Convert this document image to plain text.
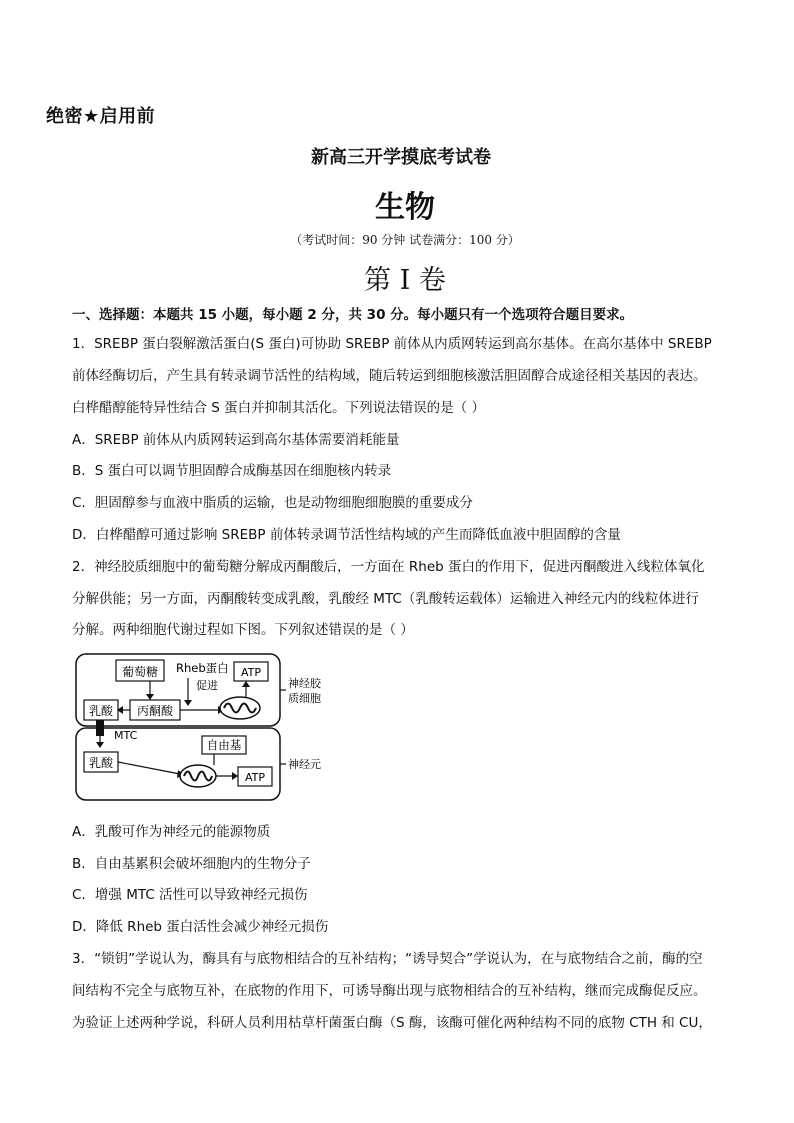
绝密★启用前
新高三开学摸底考试卷
生物
（考试时间：90 分钟 试卷满分：100 分）
第 I 卷
一、选择题：本题共 15 小题，每小题 2 分，共 30 分。每小题只有一个选项符合题目要求。
1．SREBP 蛋白裂解激活蛋白(S 蛋白)可协助 SREBP 前体从内质网转运到高尔基体。在高尔基体中 SREBP
前体经酶切后，产生具有转录调节活性的结构域，随后转运到细胞核激活胆固醇合成途径相关基因的表达。
白桦醋醇能特异性结合 S 蛋白并抑制其活化。下列说法错误的是（ ）
A．SREBP 前体从内质网转运到高尔基体需要消耗能量
B．S 蛋白可以调节胆固醇合成酶基因在细胞核内转录
C．胆固醇参与血液中脂质的运输，也是动物细胞细胞膜的重要成分
D．白桦醋醇可通过影响 SREBP 前体转录调节活性结构域的产生而降低血液中胆固醇的含量
2．神经胶质细胞中的葡萄糖分解成丙酮酸后，一方面在 Rheb 蛋白的作用下，促进丙酮酸进入线粒体氧化
分解供能；另一方面，丙酮酸转变成乳酸，乳酸经 MTC（乳酸转运载体）运输进入神经元内的线粒体进行
分解。两种细胞代谢过程如下图。下列叙述错误的是（ ）
葡萄糖
丙酮酸
乳酸
Rheb蛋白
促进
ATP
神经胶
质细胞
MTC
乳酸
自由基
ATP
神经元
A．乳酸可作为神经元的能源物质
B．自由基累积会破坏细胞内的生物分子
C．增强 MTC 活性可以导致神经元损伤
D．降低 Rheb 蛋白活性会减少神经元损伤
3．“锁钥”学说认为，酶具有与底物相结合的互补结构；“诱导契合”学说认为，在与底物结合之前，酶的空
间结构不完全与底物互补，在底物的作用下，可诱导酶出现与底物相结合的互补结构，继而完成酶促反应。
为验证上述两种学说，科研人员利用枯草杆菌蛋白酶（S 酶，该酶可催化两种结构不同的底物 CTH 和 CU，
